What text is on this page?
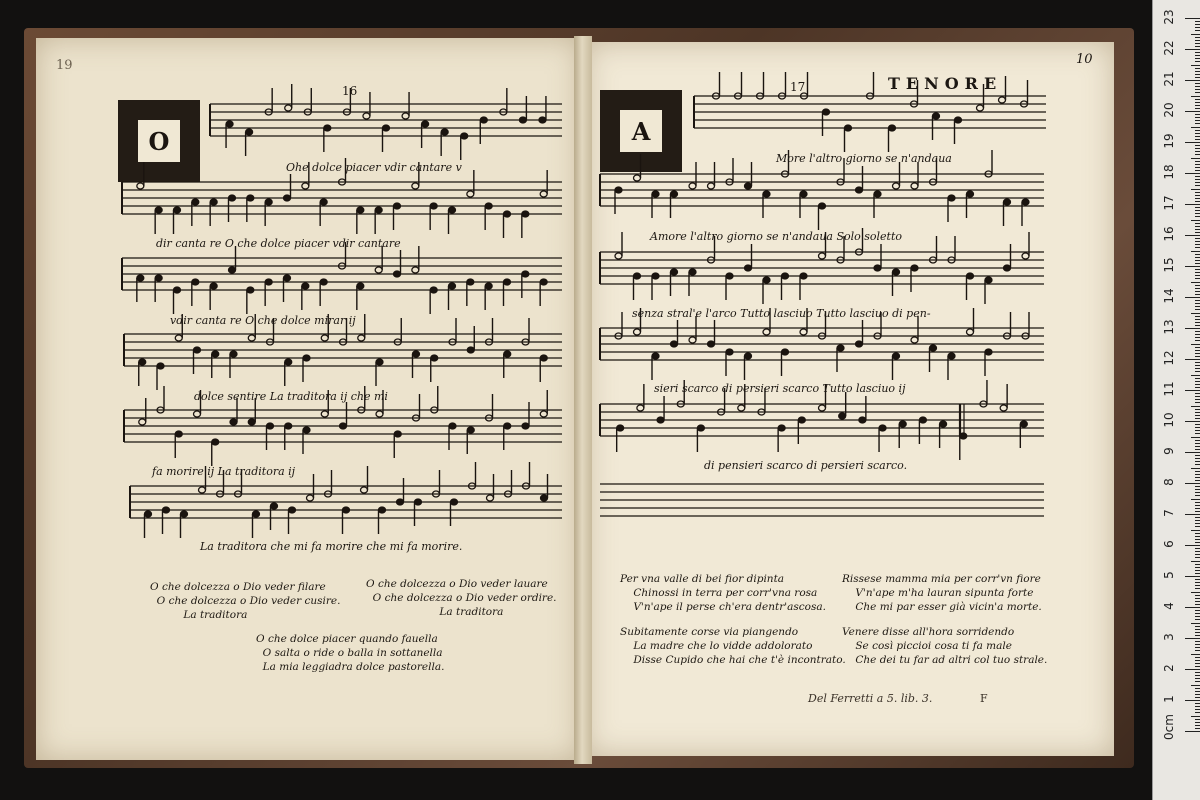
19
16	17	TENORE
10
O	A
Ohe dolce piacer vdir cantare v
dir canta re O che dolce piacer vdir cantare
vdir canta re O che dolce mirar ij
dolce sentire La traditora ij che mi
fa morire ij La traditora ij
La traditora che mi fa morire che mi fa morire.
O che dolcezza o Dio veder filare
O che dolcezza o Dio veder cusire.
La traditora
O che dolcezza o Dio veder lauare
O che dolcezza o Dio veder ordire.
La traditora
O che dolce piacer quando fauella
O salta o ride o balla in sottanella
La mia leggiadra dolce pastorella.
More l'altro giorno se n'andaua
Amore l'altro giorno se n'andaua Solo soletto
senza stral'e l'arco Tutto lasciuo Tutto lasciuo di pen-
sieri scarco di persieri scarco Tutto lasciuo ij
di pensieri scarco di persieri scarco.
Per vna valle di bei fior dipinta
Chinossi in terra per corr'vna rosa
V'n'ape il perse ch'era dentr'ascosa.
Rissese mamma mia per corr'vn fiore
V'n'ape m'ha lauran sipunta forte
Che mi par esser già vicin'a morte.
Subitamente corse via piangendo
La madre che lo vidde addolorato
Disse Cupido che hai che t'è incontrato.
Venere disse all'hora sorridendo
Se così piccioi cosa ti fa male
Che dei tu far ad altri col tuo strale.
Del Ferretti a 5. lib. 3.	F
23
22
21
20
19
18
17
16
15
14
13
12
11
10
9
8
7
6
5
4
3
2
1
0cm
